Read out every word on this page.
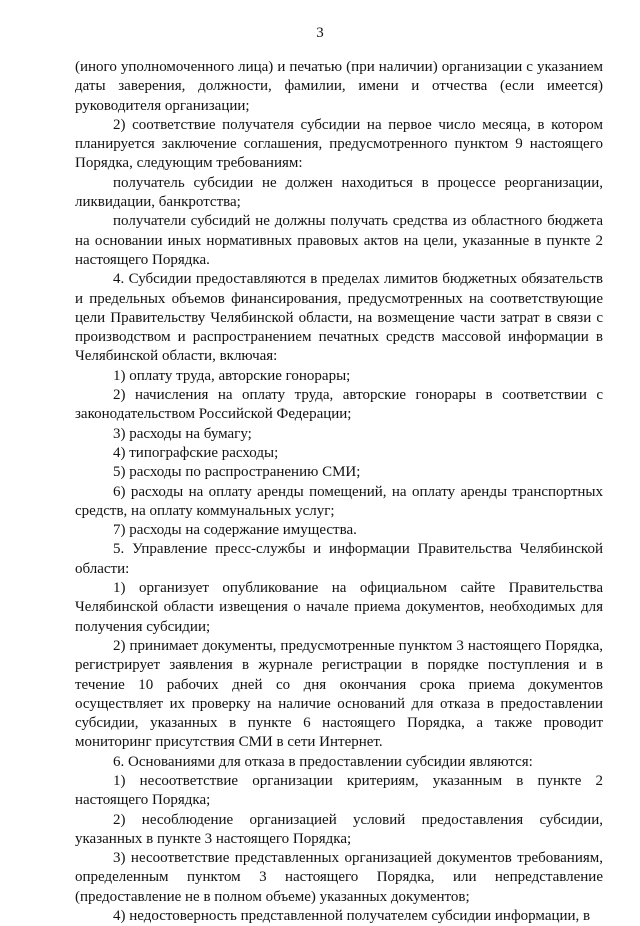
3

(иного уполномоченного лица) и печатью (при наличии) организации с указанием даты заверения, должности, фамилии, имени и отчества (если имеется) руководителя организации;

2) соответствие получателя субсидии на первое число месяца, в котором планируется заключение соглашения, предусмотренного пунктом 9 настоящего Порядка, следующим требованиям:

получатель субсидии не должен находиться в процессе реорганизации, ликвидации, банкротства;

получатели субсидий не должны получать средства из областного бюджета на основании иных нормативных правовых актов на цели, указанные в пункте 2 настоящего Порядка.

4. Субсидии предоставляются в пределах лимитов бюджетных обязательств и предельных объемов финансирования, предусмотренных на соответствующие цели Правительству Челябинской области, на возмещение части затрат в связи с производством и распространением печатных средств массовой информации в Челябинской области, включая:

1) оплату труда, авторские гонорары;

2) начисления на оплату труда, авторские гонорары в соответствии с законодательством Российской Федерации;

3) расходы на бумагу;

4) типографские расходы;

5) расходы по распространению СМИ;

6) расходы на оплату аренды помещений, на оплату аренды транспортных средств, на оплату коммунальных услуг;

7) расходы на содержание имущества.

5. Управление пресс-службы и информации Правительства Челябинской области:

1) организует опубликование на официальном сайте Правительства Челябинской области извещения о начале приема документов, необходимых для получения субсидии;

2) принимает документы, предусмотренные пунктом 3 настоящего Порядка, регистрирует заявления в журнале регистрации в порядке поступления и в течение 10 рабочих дней со дня окончания срока приема документов осуществляет их проверку на наличие оснований для отказа в предоставлении субсидии, указанных в пункте 6 настоящего Порядка, а также проводит мониторинг присутствия СМИ в сети Интернет.

6. Основаниями для отказа в предоставлении субсидии являются:

1) несоответствие организации критериям, указанным в пункте 2 настоящего Порядка;

2) несоблюдение организацией условий предоставления субсидии, указанных в пункте 3 настоящего Порядка;

3) несоответствие представленных организацией документов требованиям, определенным пунктом 3 настоящего Порядка, или непредставление (предоставление не в полном объеме) указанных документов;

4) недостоверность представленной получателем субсидии информации, в
